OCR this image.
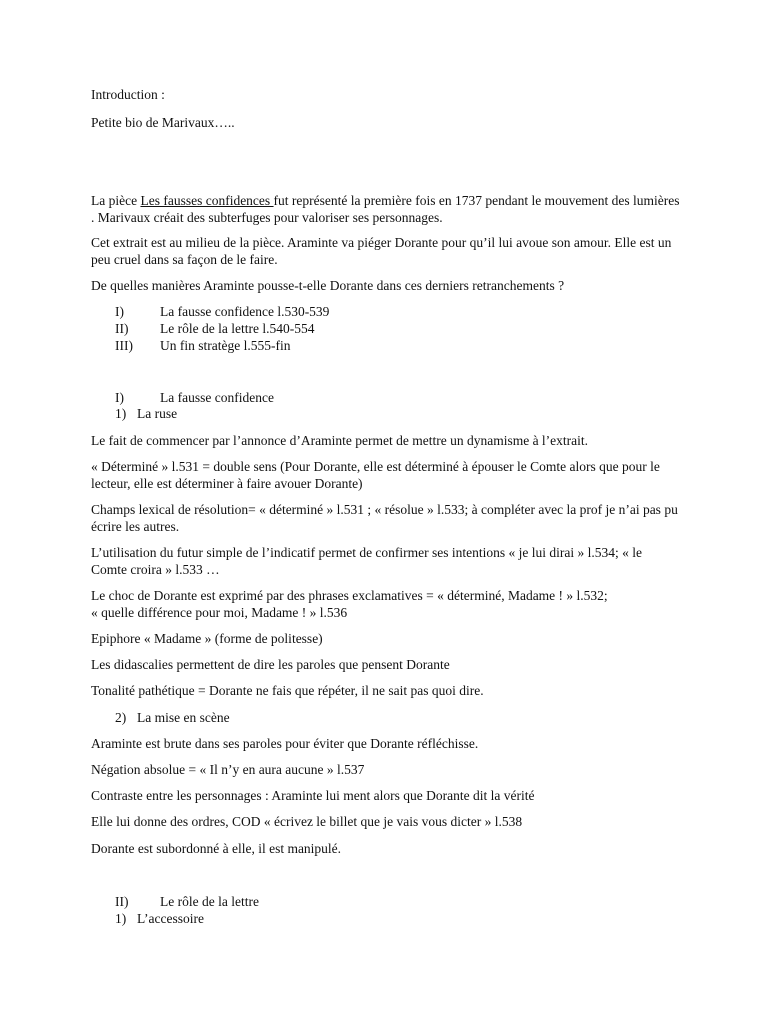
Introduction :

Petite bio de Marivaux…..

La pièce Les fausses confidences fut représenté la première fois en 1737 pendant le mouvement des lumières . Marivaux créait des subterfuges pour valoriser ses personnages.

Cet extrait est au milieu de la pièce. Araminte va piéger Dorante pour qu’il lui avoue son amour. Elle est un peu cruel dans sa façon de le faire.

De quelles manières Araminte pousse-t-elle Dorante dans ces derniers retranchements ?

I)	La fausse confidence l.530-539
II) Le rôle de la lettre l.540-554
III) Un fin stratège l.555-fin
I)	La fausse confidence
1) La ruse

Le fait de commencer par l’annonce d’Araminte permet de mettre un dynamisme à l’extrait.

« Déterminé » l.531 = double sens (Pour Dorante, elle est déterminé à épouser le Comte alors que pour le lecteur, elle est déterminer à faire avouer Dorante)

Champs lexical de résolution= « déterminé » l.531 ; « résolue » l.533; à compléter avec la prof je n’ai pas pu écrire les autres.

L’utilisation du futur simple de l’indicatif permet de confirmer ses intentions « je lui dirai » l.534; « le Comte croira » l.533 …

Le choc de Dorante est exprimé par des phrases exclamatives = « déterminé, Madame ! » l.532;
« quelle différence pour moi, Madame ! » l.536

Epiphore « Madame » (forme de politesse)

Les didascalies permettent de dire les paroles que pensent Dorante

Tonalité pathétique = Dorante ne fais que répéter, il ne sait pas quoi dire.

2) La mise en scène

Araminte est brute dans ses paroles pour éviter que Dorante réfléchisse.

Négation absolue = « Il n’y en aura aucune » l.537

Contraste entre les personnages : Araminte lui ment alors que Dorante dit la vérité

Elle lui donne des ordres, COD « écrivez le billet que je vais vous dicter » l.538

Dorante est subordonné à elle, il est manipulé.

II) Le rôle de la lettre
1) L’accessoire
